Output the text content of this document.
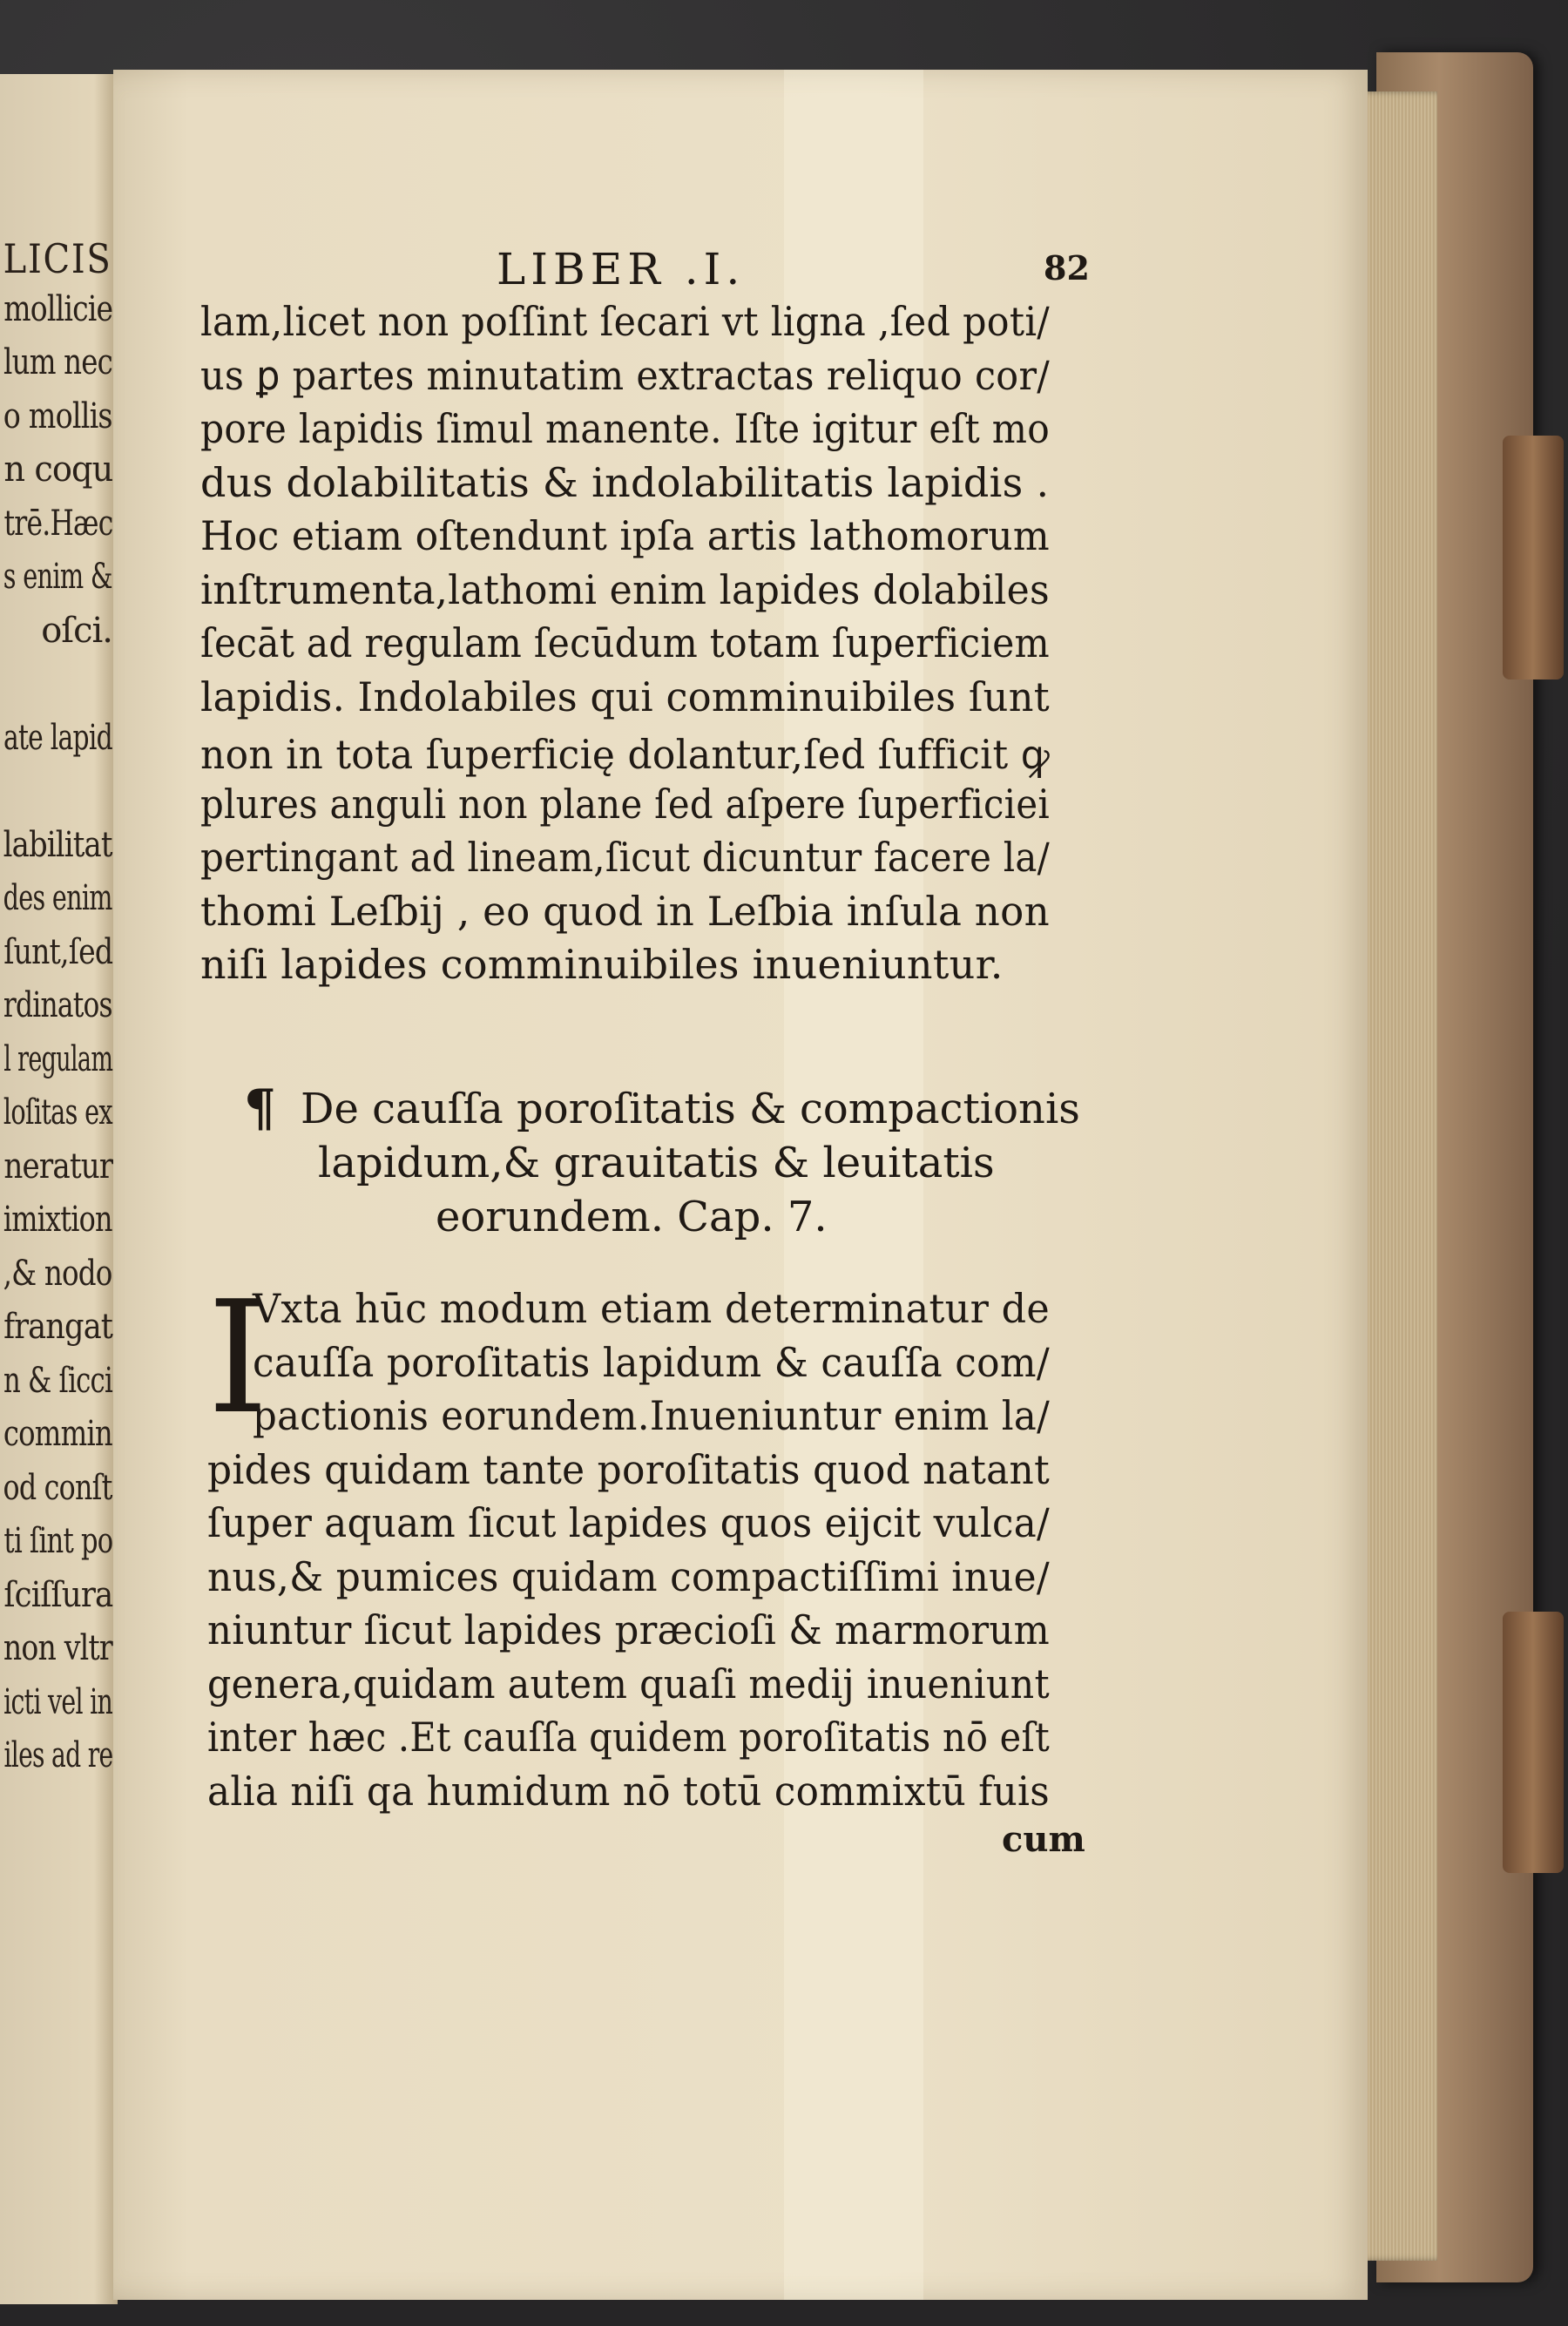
LICIS
mollicie
lum nec
o mollis
n coqu
trē.Hæc
s enim &
oſci.
ate lapid
labilitat
des enim
ſunt,ſed
rdinatos
l regulam
loſitas ex
neratur
imixtion
,& nodo
frangat
n & ſicci
commin
od conſt
ti ſint po
ſciſſura
non vltr
icti vel in
iles ad re
LIBER .I.	82
lam,licet non poſſint ſecari vt ligna ,ſed poti/
us ꝑ partes minutatim extractas reliquo cor/
pore lapidis ſimul manente. Iſte igitur eſt mo
dus dolabilitatis & indolabilitatis lapidis .
Hoc etiam oſtendunt ipſa artis lathomorum
inſtrumenta,lathomi enim lapides dolabiles
ſecāt ad regulam ſecūdum totam ſuperficiem
lapidis. Indolabiles qui comminuibiles ſunt
non in tota ſuperficię dolantur,ſed ſufficit ꝙ
plures anguli non plane ſed aſpere ſuperficiei
pertingant ad lineam,ſicut dicuntur facere la/
thomi Leſbij , eo quod in Leſbia inſula non
niſi lapides comminuibiles inueniuntur.
¶ De cauſſa poroſitatis & compactionis
lapidum,& grauitatis & leuitatis
eorundem. Cap. 7.
I
Vxta hūc modum etiam determinatur de
cauſſa poroſitatis lapidum & cauſſa com/
pactionis eorundem.Inueniuntur enim la/
pides quidam tante poroſitatis quod natant
ſuper aquam ſicut lapides quos eijcit vulca/
nus,& pumices quidam compactiſſimi inue/
niuntur ſicut lapides præcioſi & marmorum
genera,quidam autem quaſi medij inueniunt
inter hæc .Et cauſſa quidem poroſitatis nō eſt
alia niſi qa humidum nō totū commixtū fuis
cum
